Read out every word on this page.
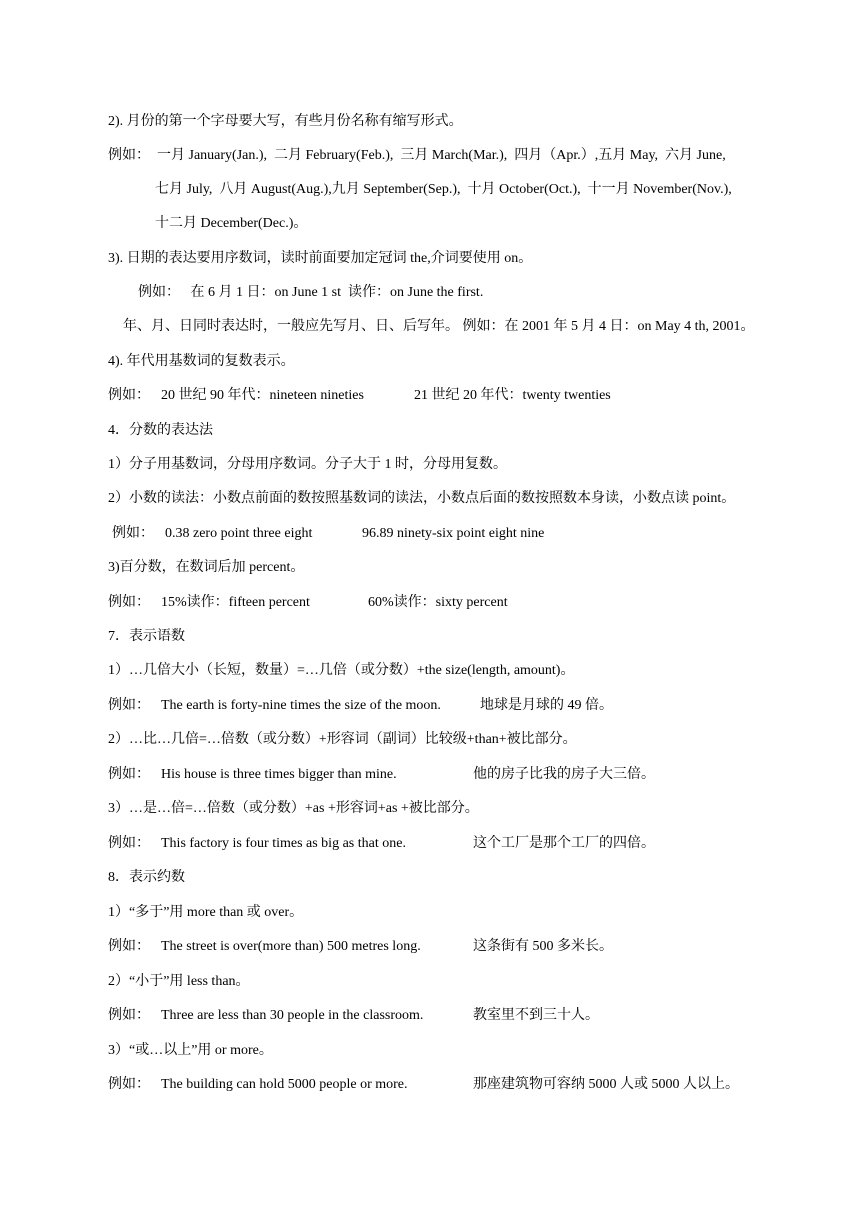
2). 月份的第一个字母要大写，有些月份名称有缩写形式。
例如：  一月 January(Jan.),  二月 February(Feb.),  三月 March(Mar.),  四月（Apr.）,五月 May,  六月 June,
七月 July,  八月 August(Aug.),九月 September(Sep.),  十月 October(Oct.),  十一月 November(Nov.),
十二月 December(Dec.)。
3). 日期的表达要用序数词，读时前面要加定冠词 the,介词要使用 on。
例如：   在 6 月 1 日：on June 1 st  读作：on June the first.
年、月、日同时表达时，一般应先写月、日、后写年。 例如：在 2001 年 5 月 4 日：on May 4 th, 2001。
4). 年代用基数词的复数表示。
例如： 20 世纪 90 年代：nineteen nineties	21 世纪 20 年代：twenty twenties
4．分数的表达法
1）分子用基数词，分母用序数词。分子大于 1 时，分母用复数。
2）小数的读法：小数点前面的数按照基数词的读法，小数点后面的数按照数本身读，小数点读 point。
例如： 0.38 zero point three eight	96.89 ninety-six point eight nine
3)百分数，在数词后加 percent。
例如： 15%读作：fifteen percent	60%读作：sixty percent
7．表示语数
1）…几倍大小（长短，数量）=…几倍（或分数）+the size(length, amount)。
例如： The earth is forty-nine times the size of the moon.	地球是月球的 49 倍。
2）…比…几倍=…倍数（或分数）+形容词（副词）比较级+than+被比部分。
例如： His house is three times bigger than mine.	他的房子比我的房子大三倍。
3）…是…倍=…倍数（或分数）+as +形容词+as +被比部分。
例如： This factory is four times as big as that one.	这个工厂是那个工厂的四倍。
8．表示约数
1）“多于”用 more than 或 over。
例如： The street is over(more than) 500 metres long.	这条街有 500 多米长。
2）“小于”用 less than。
例如： Three are less than 30 people in the classroom.	教室里不到三十人。
3）“或…以上”用 or more。
例如： The building can hold 5000 people or more.	那座建筑物可容纳 5000 人或 5000 人以上。
